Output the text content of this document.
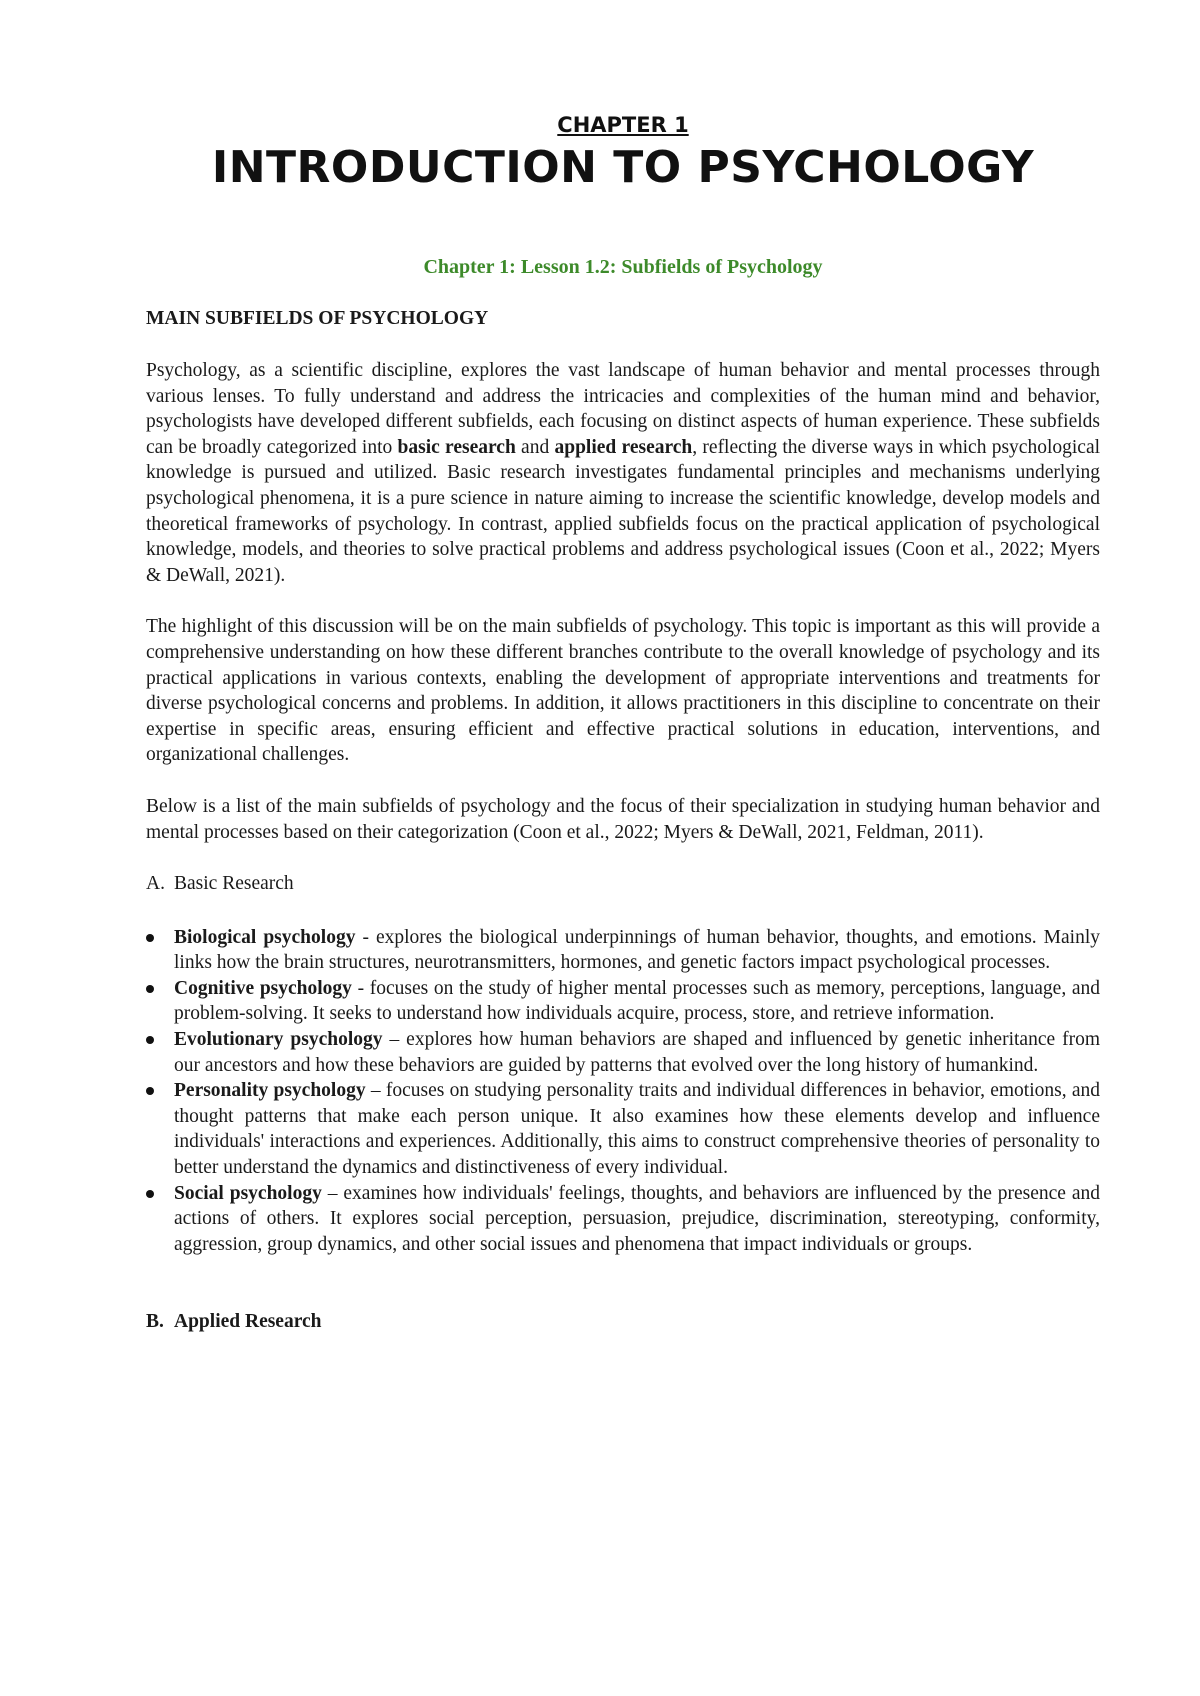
CHAPTER 1
INTRODUCTION TO PSYCHOLOGY
Chapter 1: Lesson 1.2: Subfields of Psychology
MAIN SUBFIELDS OF PSYCHOLOGY

Psychology, as a scientific discipline, explores the vast landscape of human behavior and mental processes through various lenses. To fully understand and address the intricacies and complexities of the human mind and behavior, psychologists have developed different subfields, each focusing on distinct aspects of human experience. These subfields can be broadly categorized into basic research and applied research, reflecting the diverse ways in which psychological knowledge is pursued and utilized. Basic research investigates fundamental principles and mechanisms underlying psychological phenomena, it is a pure science in nature aiming to increase the scientific knowledge, develop models and theoretical frameworks of psychology. In contrast, applied subfields focus on the practical application of psychological knowledge, models, and theories to solve practical problems and address psychological issues (Coon et al., 2022; Myers & DeWall, 2021).

The highlight of this discussion will be on the main subfields of psychology. This topic is important as this will provide a comprehensive understanding on how these different branches contribute to the overall knowledge of psychology and its practical applications in various contexts, enabling the development of appropriate interventions and treatments for diverse psychological concerns and problems. In addition, it allows practitioners in this discipline to concentrate on their expertise in specific areas, ensuring efficient and effective practical solutions in education, interventions, and organizational challenges.

Below is a list of the main subfields of psychology and the focus of their specialization in studying human behavior and mental processes based on their categorization (Coon et al., 2022; Myers & DeWall, 2021, Feldman, 2011).

A. Basic Research
Biological psychology - explores the biological underpinnings of human behavior, thoughts, and emotions. Mainly links how the brain structures, neurotransmitters, hormones, and genetic factors impact psychological processes.
Cognitive psychology - focuses on the study of higher mental processes such as memory, perceptions, language, and problem-solving. It seeks to understand how individuals acquire, process, store, and retrieve information.
Evolutionary psychology – explores how human behaviors are shaped and influenced by genetic inheritance from our ancestors and how these behaviors are guided by patterns that evolved over the long history of humankind.
Personality psychology – focuses on studying personality traits and individual differences in behavior, emotions, and thought patterns that make each person unique. It also examines how these elements develop and influence individuals' interactions and experiences. Additionally, this aims to construct comprehensive theories of personality to better understand the dynamics and distinctiveness of every individual.
Social psychology – examines how individuals' feelings, thoughts, and behaviors are influenced by the presence and actions of others. It explores social perception, persuasion, prejudice, discrimination, stereotyping, conformity, aggression, group dynamics, and other social issues and phenomena that impact individuals or groups.
B. Applied Research
